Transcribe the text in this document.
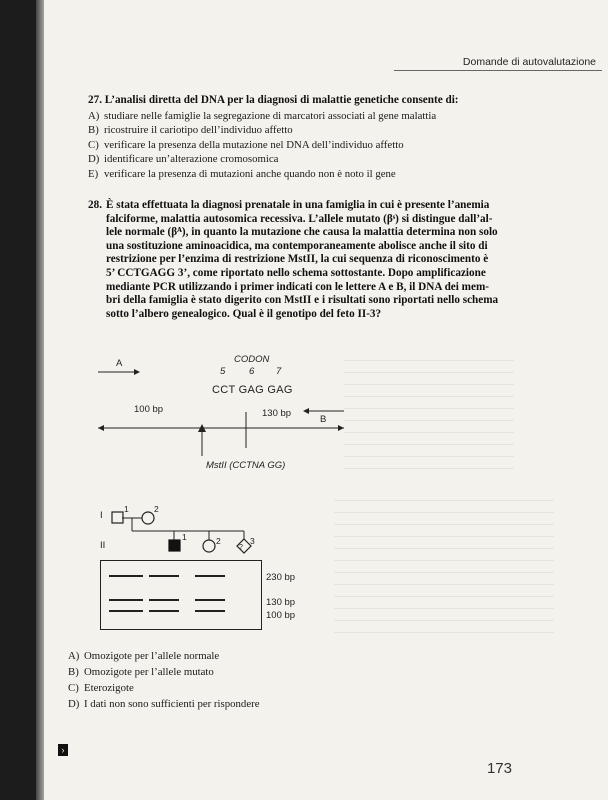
Domande di autovalutazione
27. L’analisi diretta del DNA per la diagnosi di malattie genetiche consente di:
A) studiare nelle famiglie la segregazione di marcatori associati al gene malattia
B) ricostruire il cariotipo dell’individuo affetto
C) verificare la presenza della mutazione nel DNA dell’individuo affetto
D) identificare un’alterazione cromosomica
E) verificare la presenza di mutazioni anche quando non è noto il gene
28. È stata effettuata la diagnosi prenatale in una famiglia in cui è presente l’anemia
falciforme, malattia autosomica recessiva. L’allele mutato (βˢ) si distingue dall’al-
lele normale (βᴬ), in quanto la mutazione che causa la malattia determina non solo
una sostituzione aminoacidica, ma contemporaneamente abolisce anche il sito di
restrizione per l’enzima di restrizione MstII, la cui sequenza di riconoscimento è
5’ CCTGAGG 3’, come riportato nello schema sottostante. Dopo amplificazione
mediante PCR utilizzando i primer indicati con le lettere A e B, il DNA dei mem-
bri della famiglia è stato digerito con MstII e i risultati sono riportati nello schema
sotto l’albero genealogico. Qual è il genotipo del feto II-3?
A	CODON
5 6 7
CCT GAG GAG
100 bp	130 bp
B
MstII (CCTNA GG)
?
I
II
1	2
1	2	3
230 bp
130 bp
100 bp
A) Omozigote per l’allele normale
B) Omozigote per l’allele mutato
C) Eterozigote
D) I dati non sono sufficienti per rispondere
›
173
